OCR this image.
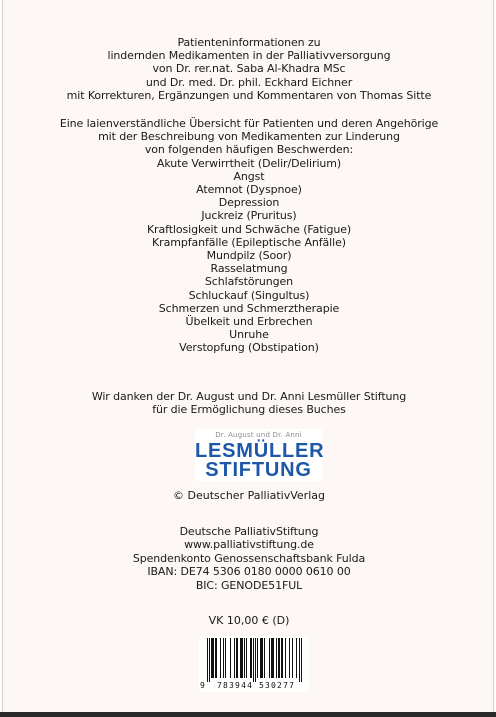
Patienteninformationen zu
lindernden Medikamenten in der Palliativversorgung
von Dr. rer.nat. Saba Al-Khadra MSc
und Dr. med. Dr. phil. Eckhard Eichner
mit Korrekturen, Ergänzungen und Kommentaren von Thomas Sitte
Eine laienverständliche Übersicht für Patienten und deren Angehörige
mit der Beschreibung von Medikamenten zur Linderung
von folgenden häufigen Beschwerden:
Akute Verwirrtheit (Delir/Delirium)
Angst
Atemnot (Dyspnoe)
Depression
Juckreiz (Pruritus)
Kraftlosigkeit und Schwäche (Fatigue)
Krampfanfälle (Epileptische Anfälle)
Mundpilz (Soor)
Rasselatmung
Schlafstörungen
Schluckauf (Singultus)
Schmerzen und Schmerztherapie
Übelkeit und Erbrechen
Unruhe
Verstopfung (Obstipation)
Wir danken der Dr. August und Dr. Anni Lesmüller Stiftung
für die Ermöglichung dieses Buches
Dr. August und Dr. Anni
LESMÜLLER
STIFTUNG
© Deutscher PalliativVerlag
Deutsche PalliativStiftung
www.palliativstiftung.de
Spendenkonto Genossenschaftsbank Fulda
IBAN: DE74 5306 0180 0000 0610 00
BIC: GENODE51FUL
VK 10,00 € (D)
9 783944 530277
